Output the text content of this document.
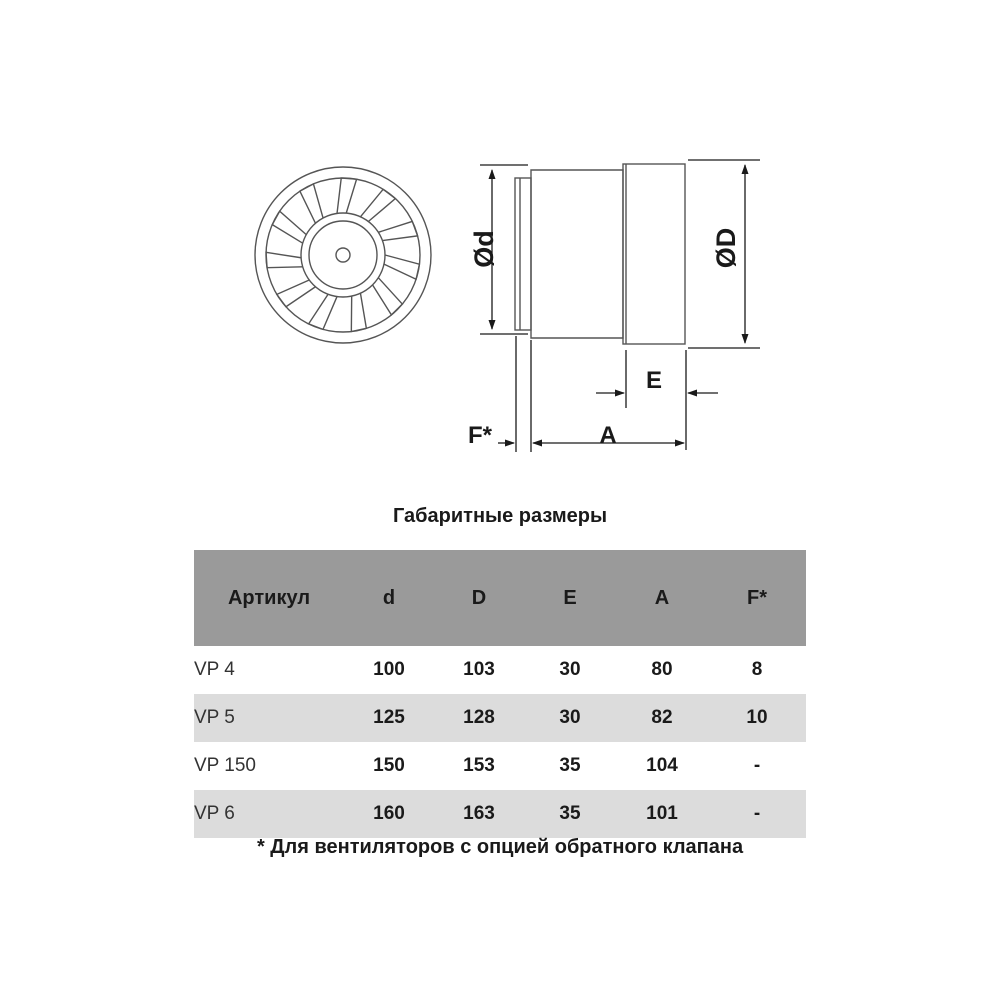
Ød	ØD
E
A
F*
Габаритные размеры
Артикул	d	D	E	A	F*
VP 4	100	103	30	80	8
VP 5	125	128	30	82	10
VP 150	150	153	35	104	-
VP 6	160	163	35	101	-
* Для вентиляторов с опцией обратного клапана
